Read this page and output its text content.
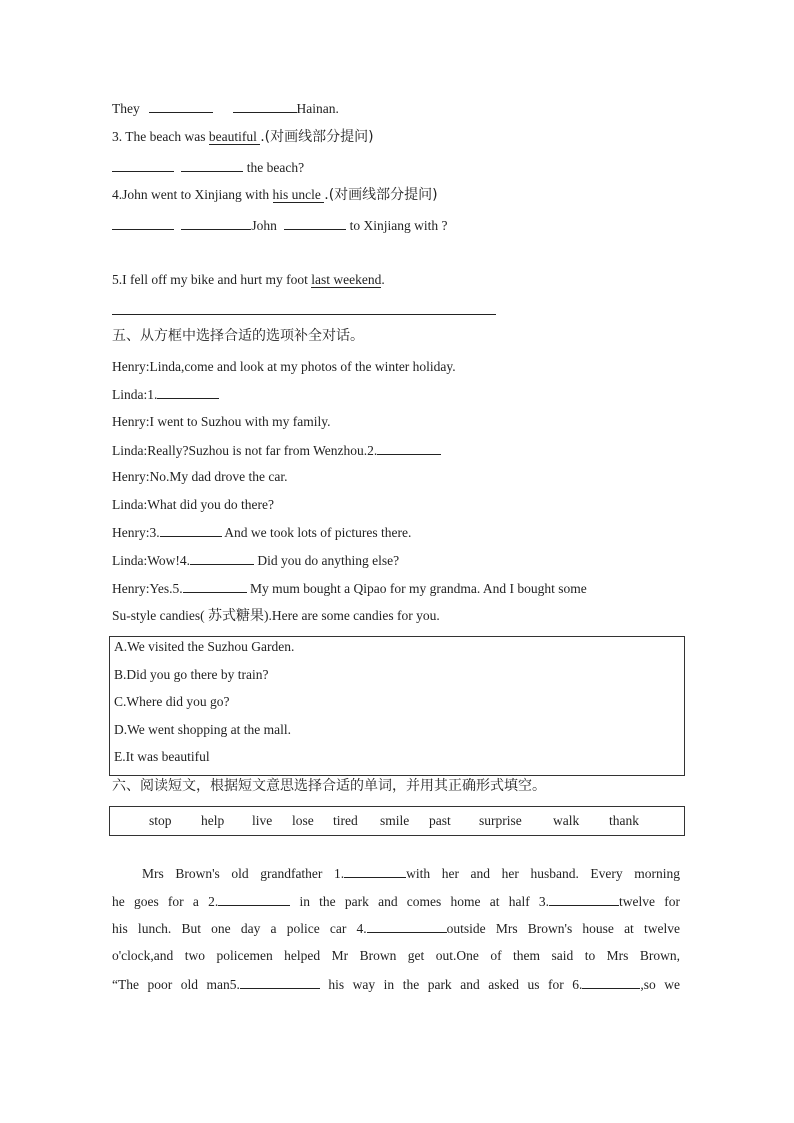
They	Hainan.
3. The beach was beautiful .(对画线部分提问)
the beach?
4.John went to Xinjiang with his uncle .(对画线部分提问)
John	to Xinjiang with ?
5.I fell off my bike and hurt my foot last weekend.
五、从方框中选择合适的选项补全对话。
Henry:Linda,come and look at my photos of the winter holiday.
Linda:1.
Henry:I went to Suzhou with my family.
Linda:Really?Suzhou is not far from Wenzhou.2.
Henry:No.My dad drove the car.
Linda:What did you do there?
Henry:3.	And we took lots of pictures there.
Linda:Wow!4.	Did you do anything else?
Henry:Yes.5.	My mum bought a Qipao for my grandma. And I bought some
Su-style candies( 苏式糖果).Here are some candies for you.
A.We visited the Suzhou Garden.
B.Did you go there by train?
C.Where did you go?
D.We went shopping at the mall.
E.It was beautiful
六、阅读短文，根据短文意思选择合适的单词，并用其正确形式填空。
stop help live lose tired smile past surprise walk thank
Mrs Brown's old grandfather 1.	with her and her husband. Every morning
he goes for a 2.	in the park and comes home at half 3.	twelve for
his lunch. But one day a police car 4.	outside Mrs Brown's house at twelve
o'clock,and two policemen helped Mr Brown get out.One of them said to Mrs Brown,
“The poor old man5.	his way in the park and asked us for 6.	,so we
